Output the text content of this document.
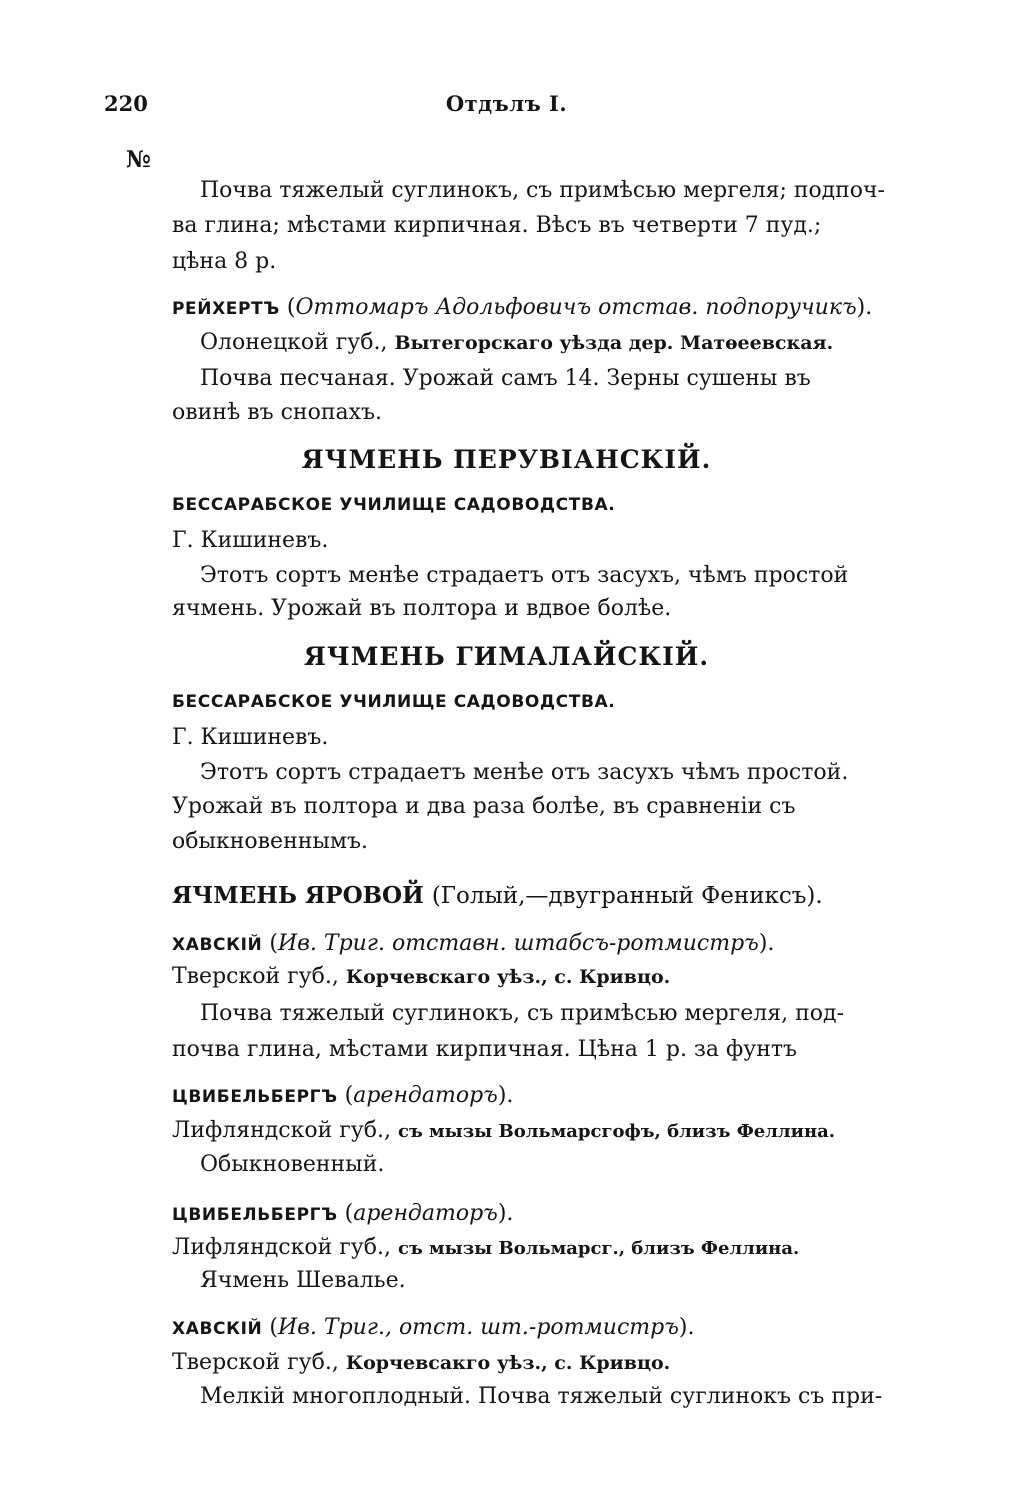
220	Отдълъ I.
№
Почва тяжелый суглинокъ, съ примѣсью мергеля; подпоч-
ва глина; мѣстами кирпичная. Вѣсъ въ четверти 7 пуд.;
цѣна 8 р.
РЕЙХЕРТЪ (Оттомаръ Адольфовичъ отстав. подпоручикъ).
Олонецкой губ., Вытегорскаго уѣзда дер. Матѳеевская.
Почва песчаная. Урожай самъ 14. Зерны сушены въ
овинѣ въ снопахъ.
ЯЧМЕНЬ ПЕРУВІАНСКІЙ.
БЕССАРАБСКОЕ УЧИЛИЩЕ САДОВОДСТВА.
Г. Кишиневъ.
Этотъ сортъ менѣе страдаетъ отъ засухъ, чѣмъ простой
ячмень. Урожай въ полтора и вдвое болѣе.
ЯЧМЕНЬ ГИМАЛАЙСКІЙ.
БЕССАРАБСКОЕ УЧИЛИЩЕ САДОВОДСТВА.
Г. Кишиневъ.
Этотъ сортъ страдаетъ менѣе отъ засухъ чѣмъ простой.
Урожай въ полтора и два раза болѣе, въ сравненіи съ
обыкновеннымъ.
ЯЧМЕНЬ ЯРОВОЙ (Голый,—двугранный Фениксъ).
ХАВСКІЙ (Ив. Триг. отставн. штабсъ-ротмистръ).
Тверской губ., Корчевскаго уѣз., с. Кривцо.
Почва тяжелый суглинокъ, съ примѣсью мергеля, под-
почва глина, мѣстами кирпичная. Цѣна 1 р. за фунтъ
ЦВИБЕЛЬБЕРГЪ (арендаторъ).
Лифляндской губ., съ мызы Вольмарсгофъ, близъ Феллина.
Обыкновенный.
ЦВИБЕЛЬБЕРГЪ (арендаторъ).
Лифляндской губ., съ мызы Вольмарсг., близъ Феллина.
Ячмень Шевалье.
ХАВСКІЙ (Ив. Триг., отст. шт.-ротмистръ).
Тверской губ., Корчевсакго уѣз., с. Кривцо.
Мелкій многоплодный. Почва тяжелый суглинокъ съ при-
